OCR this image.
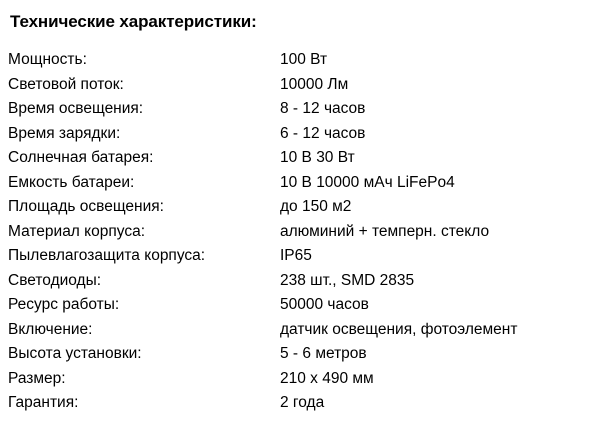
Технические характеристики:
Мощность:	100 Вт
Световой поток:	10000 Лм
Время освещения:	8 - 12 часов
Время зарядки:	6 - 12 часов
Солнечная батарея:	10 В 30 Вт
Емкость батареи:	10 В 10000 мАч LiFePo4
Площадь освещения:	до 150 м2
Материал корпуса:	алюминий + темперн. стекло
Пылевлагозащита корпуса:	IP65
Светодиоды:	238 шт., SMD 2835
Ресурс работы:	50000 часов
Включение:	датчик освещения, фотоэлемент
Высота установки:	5 - 6 метров
Размер:	210 х 490 мм
Гарантия:	2 года
